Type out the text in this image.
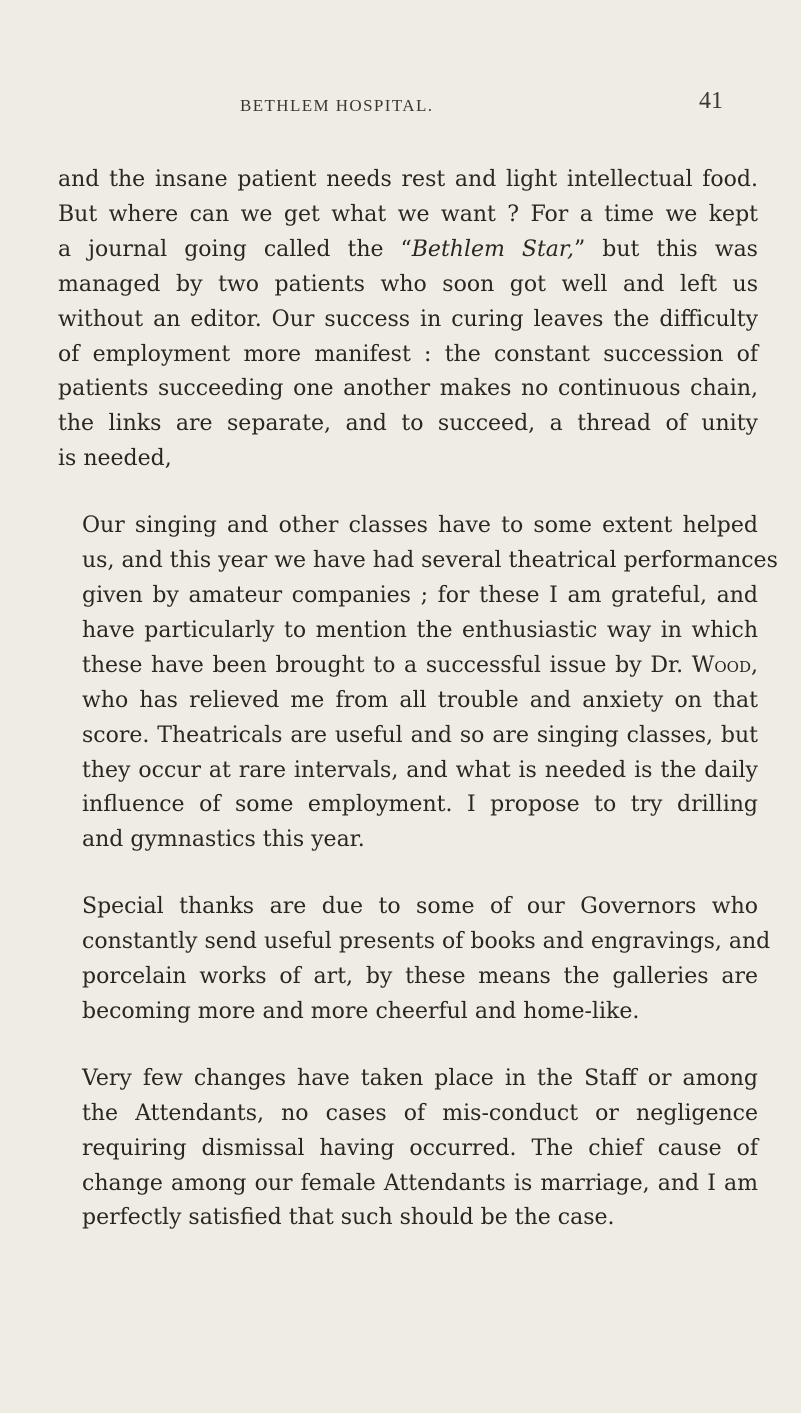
BETHLEM HOSPITAL.	41

and the insane patient needs rest and light intellectual food.
But where can we get what we want ? For a time we kept
a journal going called the “Bethlem Star,” but this was
managed by two patients who soon got well and left us
without an editor. Our success in curing leaves the difficulty
of employment more manifest : the constant succession of
patients succeeding one another makes no continuous chain,
the links are separate, and to succeed, a thread of unity
is needed,

Our singing and other classes have to some extent helped
us, and this year we have had several theatrical performances
given by amateur companies ; for these I am grateful, and
have particularly to mention the enthusiastic way in which
these have been brought to a successful issue by Dr. Wood,
who has relieved me from all trouble and anxiety on that
score. Theatricals are useful and so are singing classes, but
they occur at rare intervals, and what is needed is the daily
influence of some employment. I propose to try drilling
and gymnastics this year.

Special thanks are due to some of our Governors who
constantly send useful presents of books and engravings, and
porcelain works of art, by these means the galleries are
becoming more and more cheerful and home-like.

Very few changes have taken place in the Staff or among
the Attendants, no cases of mis-conduct or negligence
requiring dismissal having occurred. The chief cause of
change among our female Attendants is marriage, and I am
perfectly satisfied that such should be the case.
